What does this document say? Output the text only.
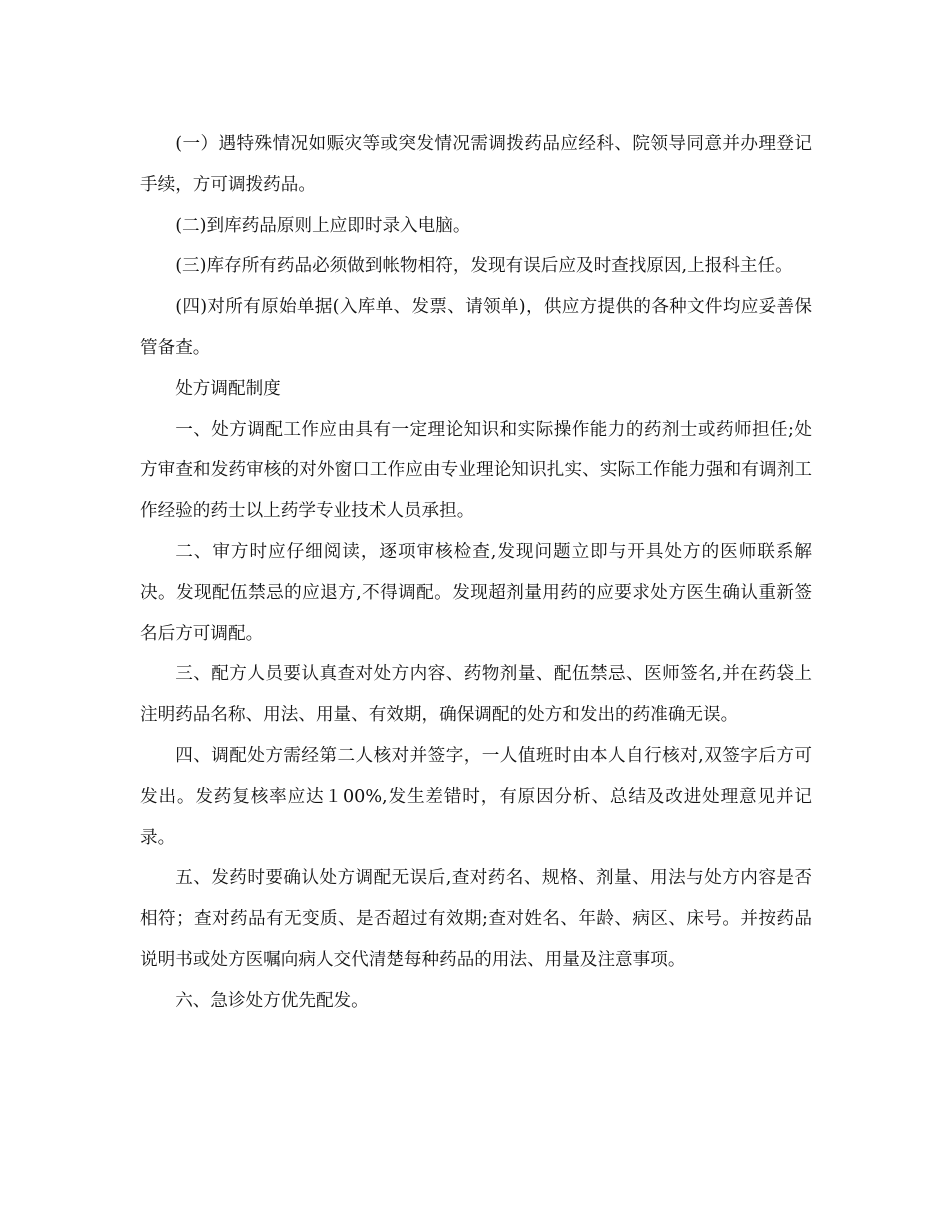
(一）遇特殊情况如赈灾等或突发情况需调拨药品应经科、院领导同意并办理登记手续，方可调拨药品。

(二)到库药品原则上应即时录入电脑。

(三)库存所有药品必须做到帐物相符，发现有误后应及时查找原因,上报科主任。

(四)对所有原始单据(入库单、发票、请领单)，供应方提供的各种文件均应妥善保管备查。

处方调配制度

一、处方调配工作应由具有一定理论知识和实际操作能力的药剂士或药师担任;处方审查和发药审核的对外窗口工作应由专业理论知识扎实、实际工作能力强和有调剂工作经验的药士以上药学专业技术人员承担。

二、审方时应仔细阅读，逐项审核检查,发现问题立即与开具处方的医师联系解决。发现配伍禁忌的应退方,不得调配。发现超剂量用药的应要求处方医生确认重新签名后方可调配。

三、配方人员要认真查对处方内容、药物剂量、配伍禁忌、医师签名,并在药袋上注明药品名称、用法、用量、有效期，确保调配的处方和发出的药准确无误。

四、调配处方需经第二人核对并签字，一人值班时由本人自行核对,双签字后方可发出。发药复核率应达１00%,发生差错时，有原因分析、总结及改进处理意见并记录。

五、发药时要确认处方调配无误后,查对药名、规格、剂量、用法与处方内容是否相符；查对药品有无变质、是否超过有效期;查对姓名、年龄、病区、床号。并按药品说明书或处方医嘱向病人交代清楚每种药品的用法、用量及注意事项。

六、急诊处方优先配发。
